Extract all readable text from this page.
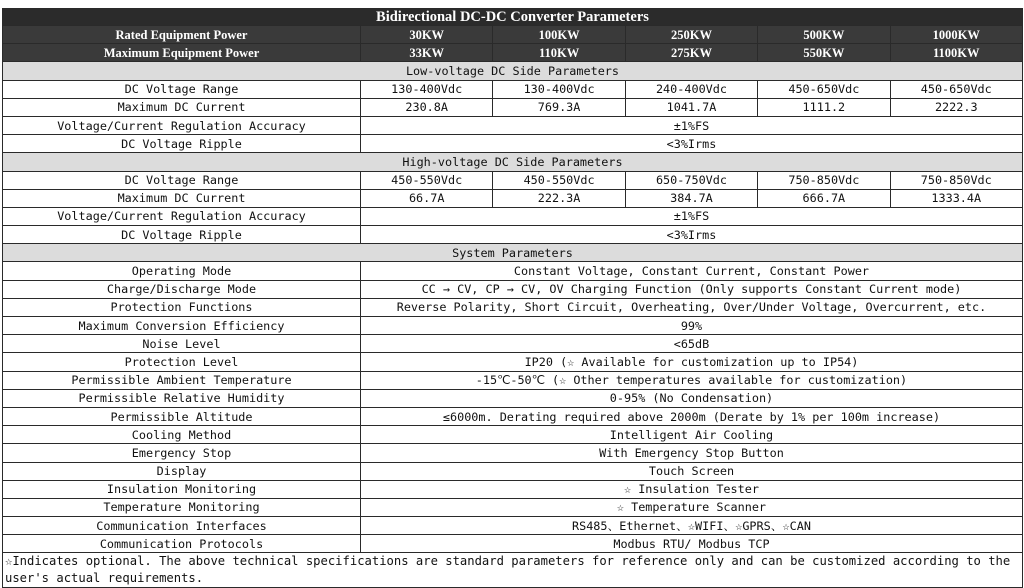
Bidirectional DC-DC Converter Parameters					
Rated Equipment Power	30KW	100KW	250KW	500KW	1000KW
Maximum Equipment Power	33KW	110KW	275KW	550KW	1100KW
Low-voltage DC Side Parameters					
DC Voltage Range	130-400Vdc	130-400Vdc	240-400Vdc	450-650Vdc	450-650Vdc
Maximum DC Current	230.8A	769.3A	1041.7A	1111.2	2222.3
Voltage/Current Regulation Accuracy	±1%FS				
DC Voltage Ripple	<3%Irms				
High-voltage DC Side Parameters					
DC Voltage Range	450-550Vdc	450-550Vdc	650-750Vdc	750-850Vdc	750-850Vdc
Maximum DC Current	66.7A	222.3A	384.7A	666.7A	1333.4A
Voltage/Current Regulation Accuracy	±1%FS				
DC Voltage Ripple	<3%Irms				
System Parameters					
Operating Mode	Constant Voltage, Constant Current, Constant Power				
Charge/Discharge Mode	CC → CV, CP → CV, OV Charging Function (Only supports Constant Current mode)				
Protection Functions	Reverse Polarity, Short Circuit, Overheating, Over/Under Voltage, Overcurrent, etc.				
Maximum Conversion Efficiency	99%				
Noise Level	<65dB				
Protection Level	IP20 (☆ Available for customization up to IP54)				
Permissible Ambient Temperature	-15℃-50℃ (☆ Other temperatures available for customization)				
Permissible Relative Humidity	0-95% (No Condensation)				
Permissible Altitude	≤6000m. Derating required above 2000m (Derate by 1% per 100m increase)				
Cooling Method	Intelligent Air Cooling				
Emergency Stop	With Emergency Stop Button				
Display	Touch Screen				
Insulation Monitoring	☆ Insulation Tester				
Temperature Monitoring	☆ Temperature Scanner				
Communication Interfaces	RS485、Ethernet、☆WIFI、☆GPRS、☆CAN				
Communication Protocols	Modbus RTU/ Modbus TCP				
☆Indicates optional. The above technical specifications are standard parameters for reference only and can be customized according to the user's actual requirements.					
